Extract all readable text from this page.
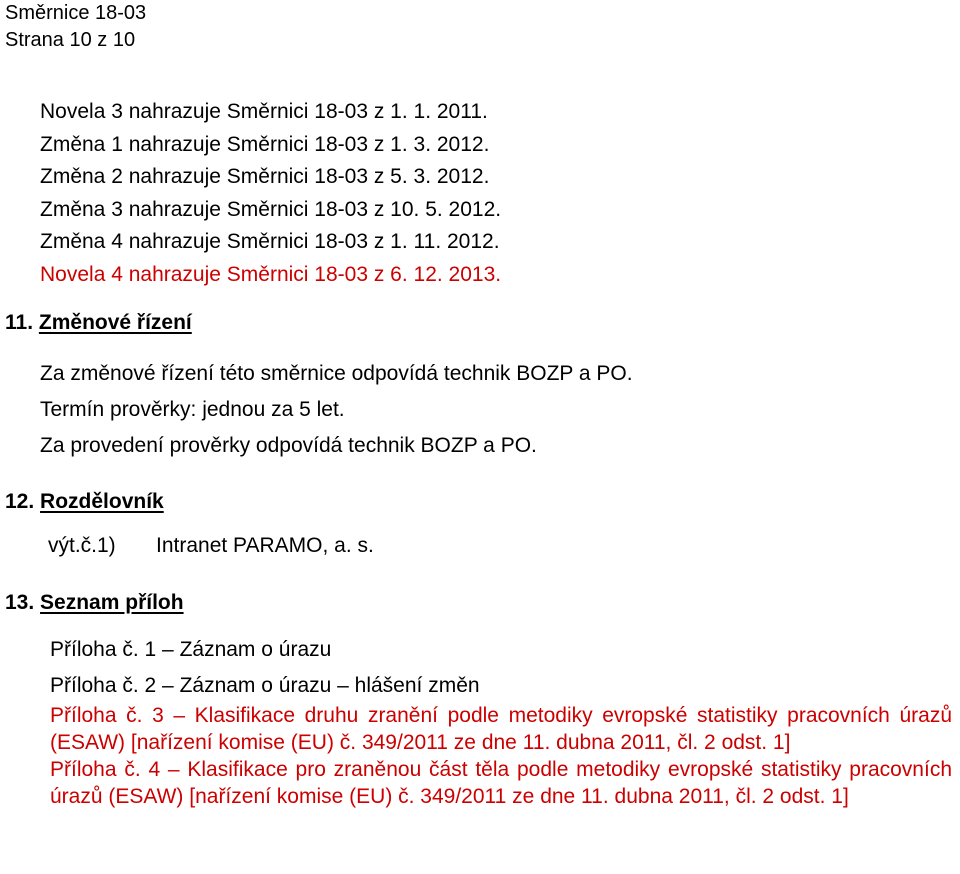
Směrnice 18-03
Strana 10 z 10
Novela 3 nahrazuje Směrnici 18-03 z 1. 1. 2011.
Změna 1 nahrazuje Směrnici 18-03 z 1. 3. 2012.
Změna 2 nahrazuje Směrnici 18-03 z 5. 3. 2012.
Změna 3 nahrazuje Směrnici 18-03 z 10. 5. 2012.
Změna 4 nahrazuje Směrnici 18-03 z 1. 11. 2012.
Novela 4 nahrazuje Směrnici 18-03 z 6. 12. 2013.
11. Změnové řízení
Za změnové řízení této směrnice odpovídá technik BOZP a PO.
Termín prověrky: jednou za 5 let.
Za provedení prověrky odpovídá technik BOZP a PO.
12. Rozdělovník
výt.č.1) Intranet PARAMO, a. s.
13. Seznam příloh

Příloha č. 1 – Záznam o úrazu

Příloha č. 2 – Záznam o úrazu – hlášení změn

Příloha č. 3 – Klasifikace druhu zranění podle metodiky evropské statistiky pracovních úrazů (ESAW) [nařízení komise (EU) č. 349/2011 ze dne 11. dubna 2011, čl. 2 odst. 1]

Příloha č. 4 – Klasifikace pro zraněnou část těla podle metodiky evropské statistiky pracovních úrazů (ESAW) [nařízení komise (EU) č. 349/2011 ze dne 11. dubna 2011, čl. 2 odst. 1]
